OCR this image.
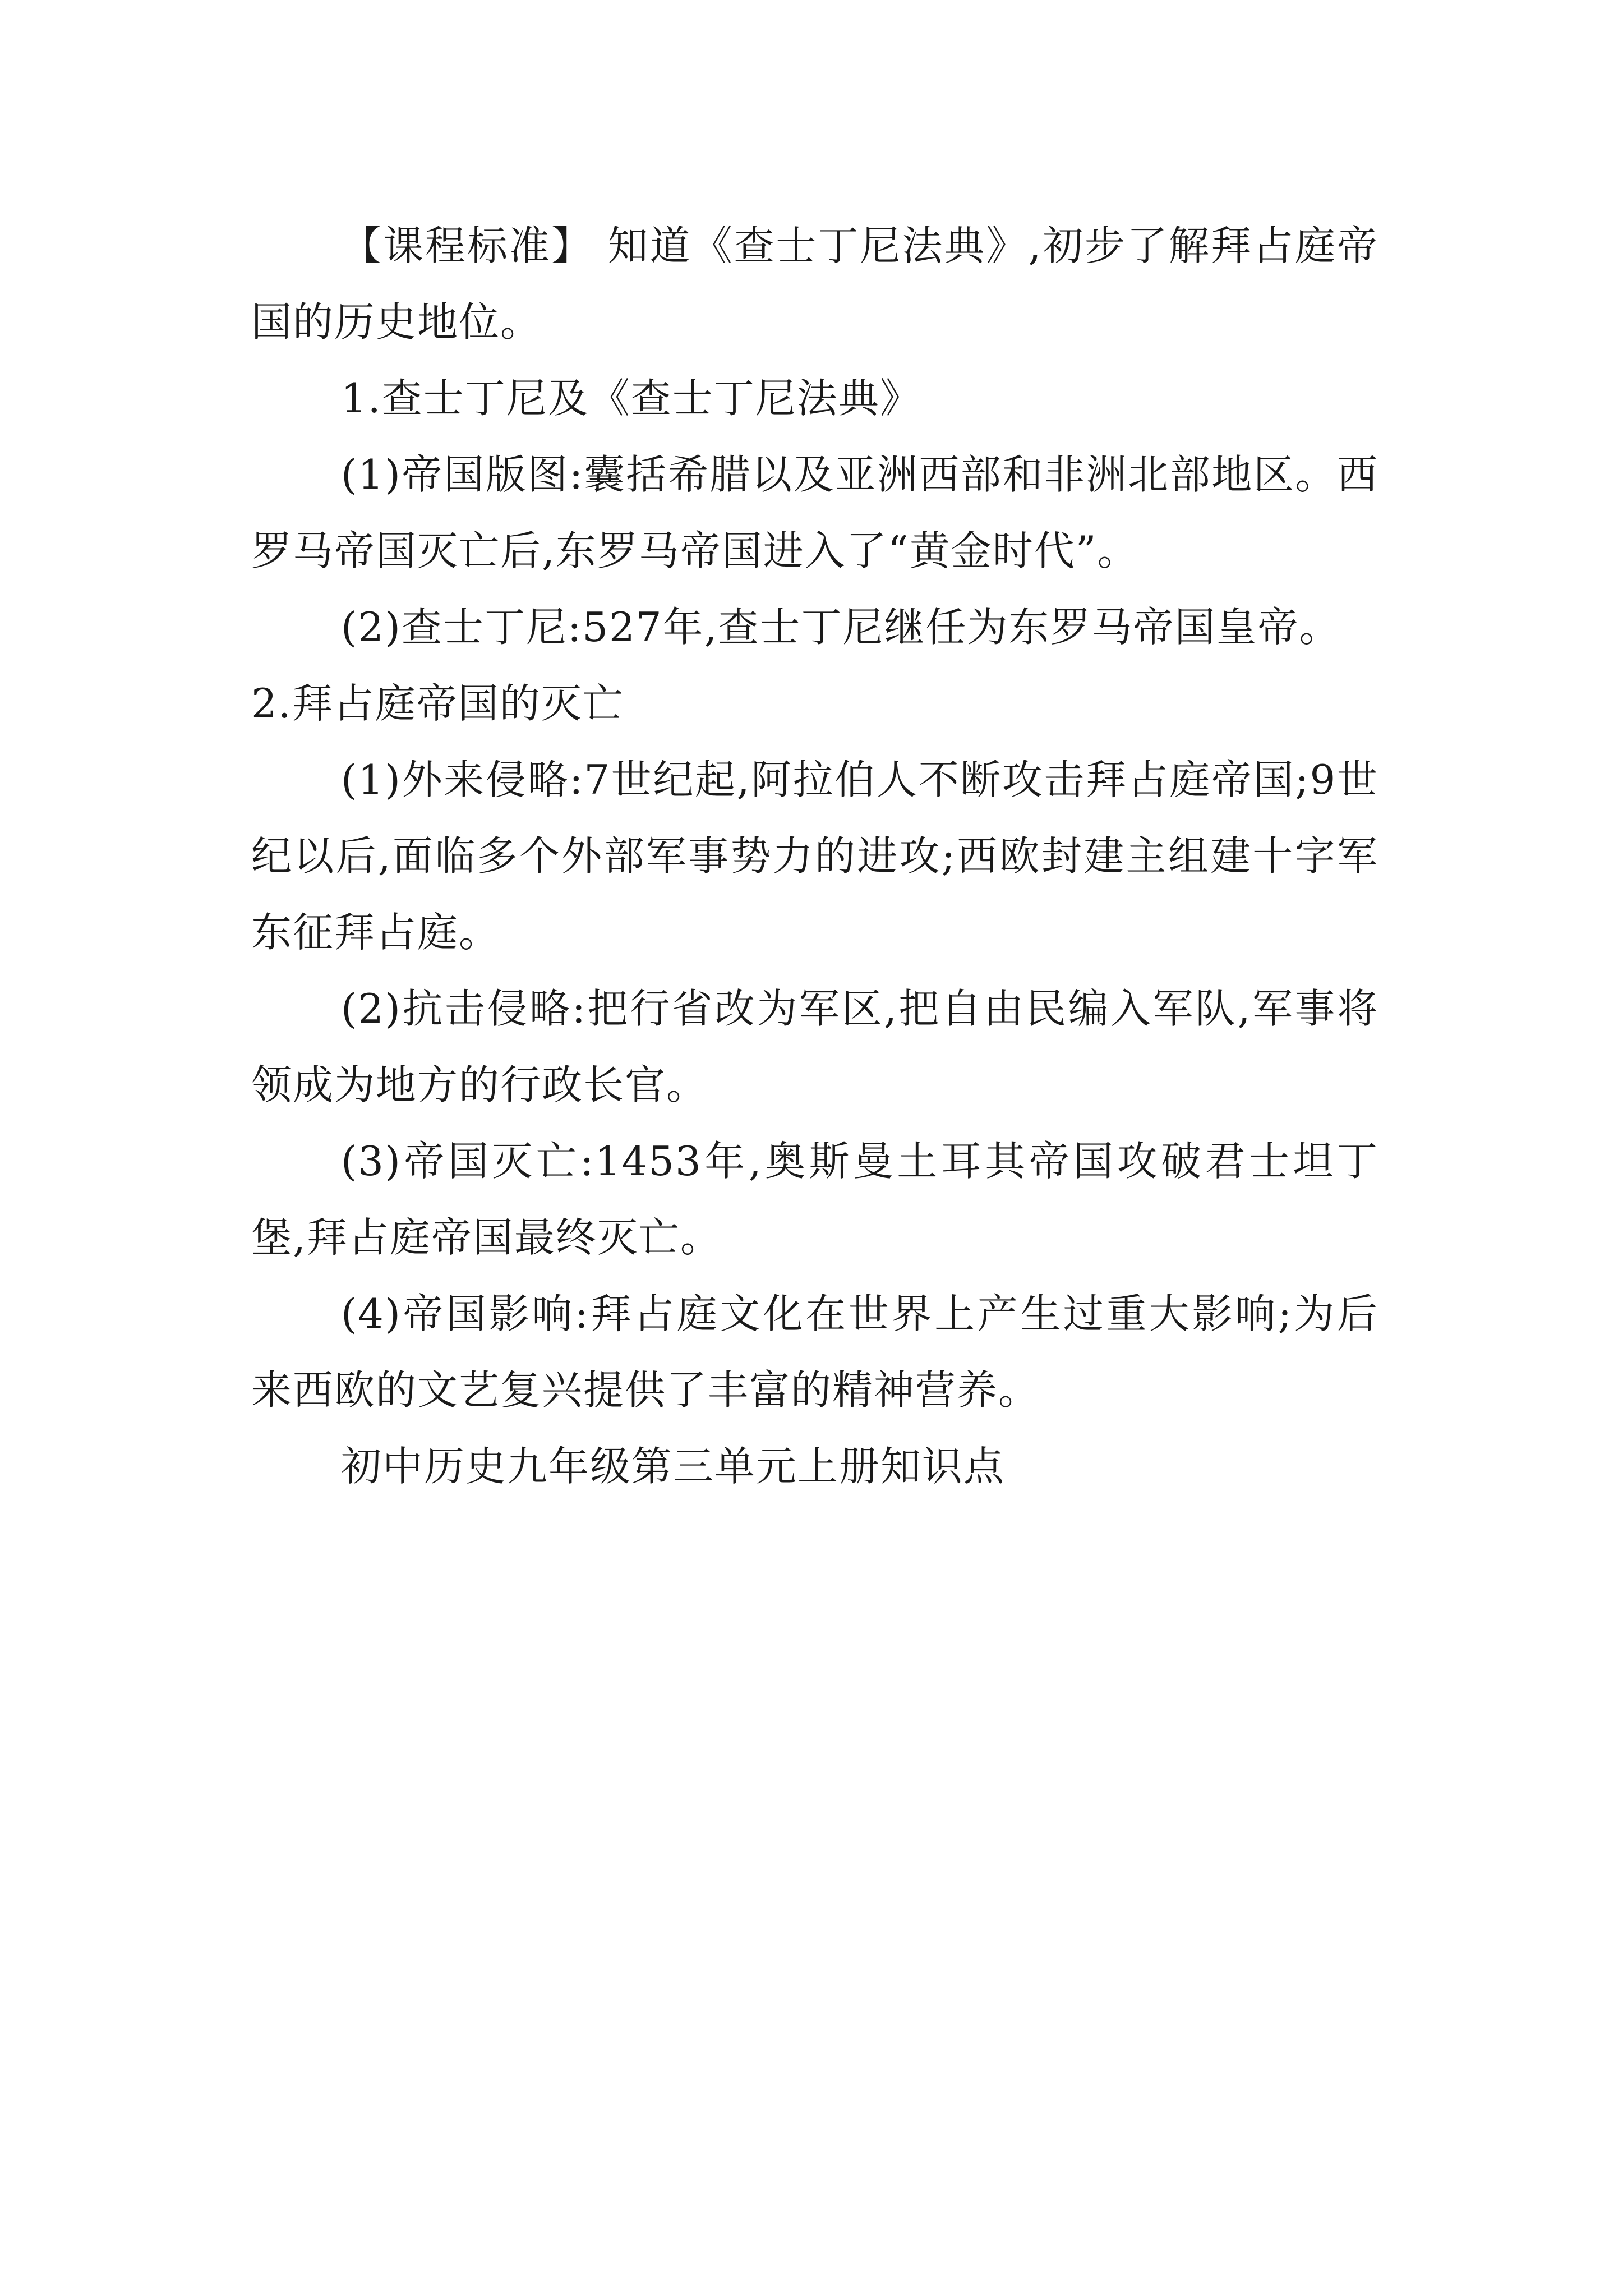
【课程标准】 知道《查士丁尼法典》,初步了解拜占庭帝国的历史地位。

1.查士丁尼及《查士丁尼法典》

(1)帝国版图:囊括希腊以及亚洲西部和非洲北部地区。西罗马帝国灭亡后,东罗马帝国进入了“黄金时代”。

(2)查士丁尼:527年,查士丁尼继任为东罗马帝国皇帝。

2.拜占庭帝国的灭亡

(1)外来侵略:7世纪起,阿拉伯人不断攻击拜占庭帝国;9世纪以后,面临多个外部军事势力的进攻;西欧封建主组建十字军东征拜占庭。

(2)抗击侵略:把行省改为军区,把自由民编入军队,军事将领成为地方的行政长官。

(3)帝国灭亡:1453年,奥斯曼土耳其帝国攻破君士坦丁堡,拜占庭帝国最终灭亡。

(4)帝国影响:拜占庭文化在世界上产生过重大影响;为后来西欧的文艺复兴提供了丰富的精神营养。

初中历史九年级第三单元上册知识点
